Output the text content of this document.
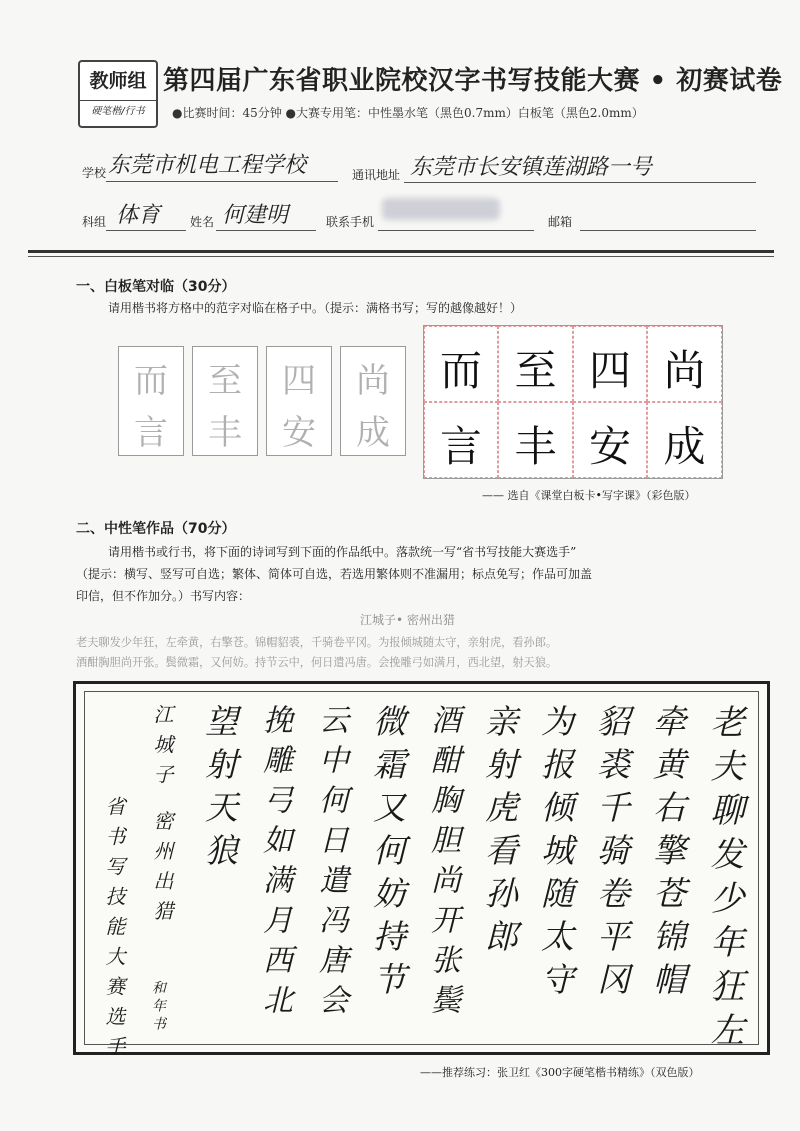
教师组
硬笔楷/行书
第四届广东省职业院校汉字书写技能大赛 • 初赛试卷
●比赛时间：45分钟 ●大赛专用笔：中性墨水笔（黑色0.7mm）白板笔（黑色2.0mm）
学校 东莞市机电工程学校	通讯地址 东莞市长安镇莲湖路一号
科组 体育 姓名 何建明	联系手机	邮箱
一、白板笔对临（30分）
请用楷书将方格中的范字对临在格子中。（提示：满格书写；写的越像越好！）
而
言
至
丰
四
安
尚
成
而 至 四 尚
言 丰 安 成
—— 选自《课堂白板卡•写字课》（彩色版）
二、中性笔作品（70分）
请用楷书或行书，将下面的诗词写到下面的作品纸中。落款统一写“省书写技能大赛选手”
（提示：横写、竖写可自选；繁体、简体可自选，若选用繁体则不准漏用；标点免写；作品可加盖
印信，但不作加分。）书写内容：
江城子• 密州出猎
老夫聊发少年狂，左牵黄，右擎苍。锦帽貂裘，千骑卷平冈。为报倾城随太守，亲射虎，看孙郎。
酒酣胸胆尚开张。鬓微霜，又何妨。持节云中，何日遣冯唐。会挽雕弓如满月，西北望，射天狼。
老夫聊发少年狂左
牵黄右擎苍锦帽
貂裘千骑卷平冈
为报倾城随太守
亲射虎看孙郎
酒酣胸胆尚开张鬓
微霜又何妨持节
云中何日遣冯唐会
挽雕弓如满月西北
望射天狼
江城子 密州出猎
省书写技能大赛选手 和年书
——推荐练习：张卫红《300字硬笔楷书精练》（双色版）
